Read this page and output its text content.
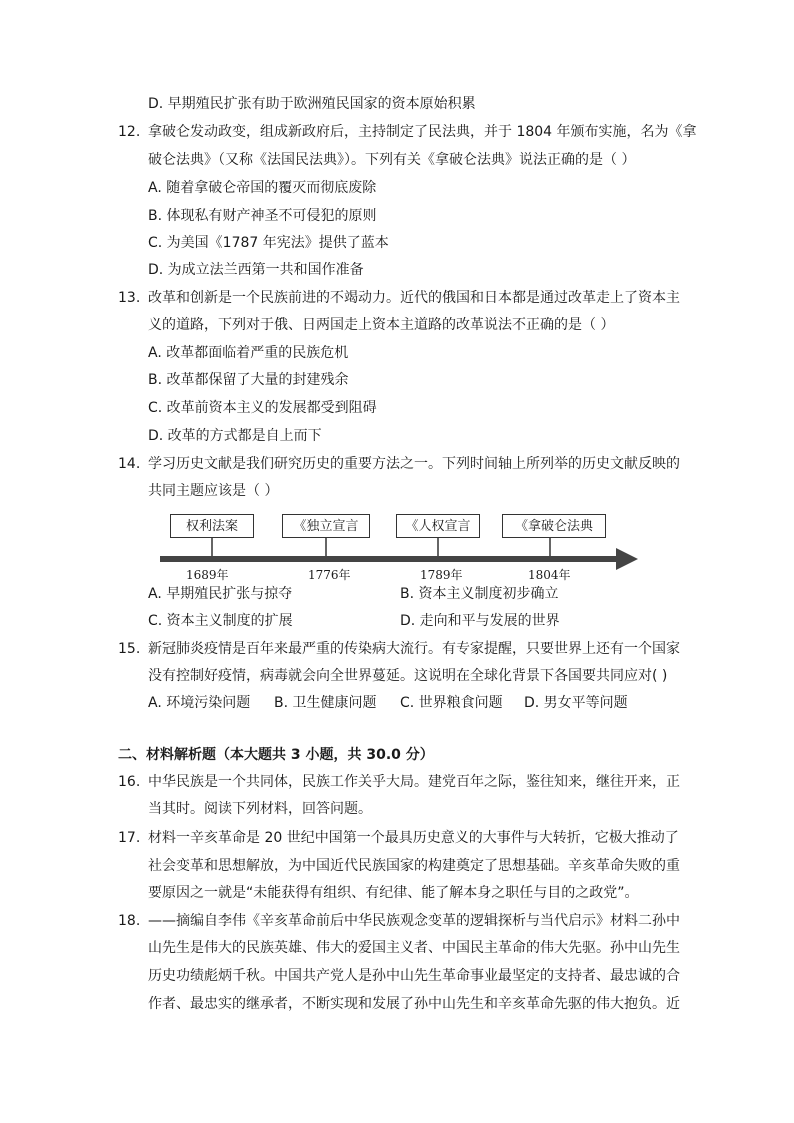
D. 早期殖民扩张有助于欧洲殖民国家的资本原始积累
12. 拿破仑发动政变，组成新政府后，主持制定了民法典，并于 1804 年颁布实施，名为《拿
破仑法典》（又称《法国民法典》）。下列有关《拿破仑法典》说法正确的是（ ）
A. 随着拿破仑帝国的覆灭而彻底废除
B. 体现私有财产神圣不可侵犯的原则
C. 为美国《1787 年宪法》提供了蓝本
D. 为成立法兰西第一共和国作准备
13. 改革和创新是一个民族前进的不竭动力。近代的俄国和日本都是通过改革走上了资本主
义的道路，下列对于俄、日两国走上资本主道路的改革说法不正确的是（ ）
A. 改革都面临着严重的民族危机
B. 改革都保留了大量的封建残余
C. 改革前资本主义的发展都受到阻碍
D. 改革的方式都是自上而下
14. 学习历史文献是我们研究历史的重要方法之一。下列时间轴上所列举的历史文献反映的
共同主题应该是（ ）
权利法案	《独立宣言	《人权宣言	《拿破仑法典
1689年	1776年	1789年	1804年
A. 早期殖民扩张与掠夺	B. 资本主义制度初步确立
C. 资本主义制度的扩展	D. 走向和平与发展的世界
15. 新冠肺炎疫情是百年来最严重的传染病大流行。有专家提醒，只要世界上还有一个国家
没有控制好疫情，病毒就会向全世界蔓延。这说明在全球化背景下各国要共同应对( )
A. 环境污染问题 B. 卫生健康问题 C. 世界粮食问题 D. 男女平等问题
二、材料解析题（本大题共 3 小题，共 30.0 分）
16. 中华民族是一个共同体，民族工作关乎大局。建党百年之际，鉴往知来，继往开来，正
当其时。阅读下列材料，回答问题。
17. 材料一辛亥革命是 20 世纪中国第一个最具历史意义的大事件与大转折，它极大推动了
社会变革和思想解放，为中国近代民族国家的构建奠定了思想基础。辛亥革命失败的重
要原因之一就是“未能获得有组织、有纪律、能了解本身之职任与目的之政党”。
18. ——摘编自李伟《辛亥革命前后中华民族观念变革的逻辑探析与当代启示》材料二孙中
山先生是伟大的民族英雄、伟大的爱国主义者、中国民主革命的伟大先驱。孙中山先生
历史功绩彪炳千秋。中国共产党人是孙中山先生革命事业最坚定的支持者、最忠诚的合
作者、最忠实的继承者，不断实现和发展了孙中山先生和辛亥革命先驱的伟大抱负。近
